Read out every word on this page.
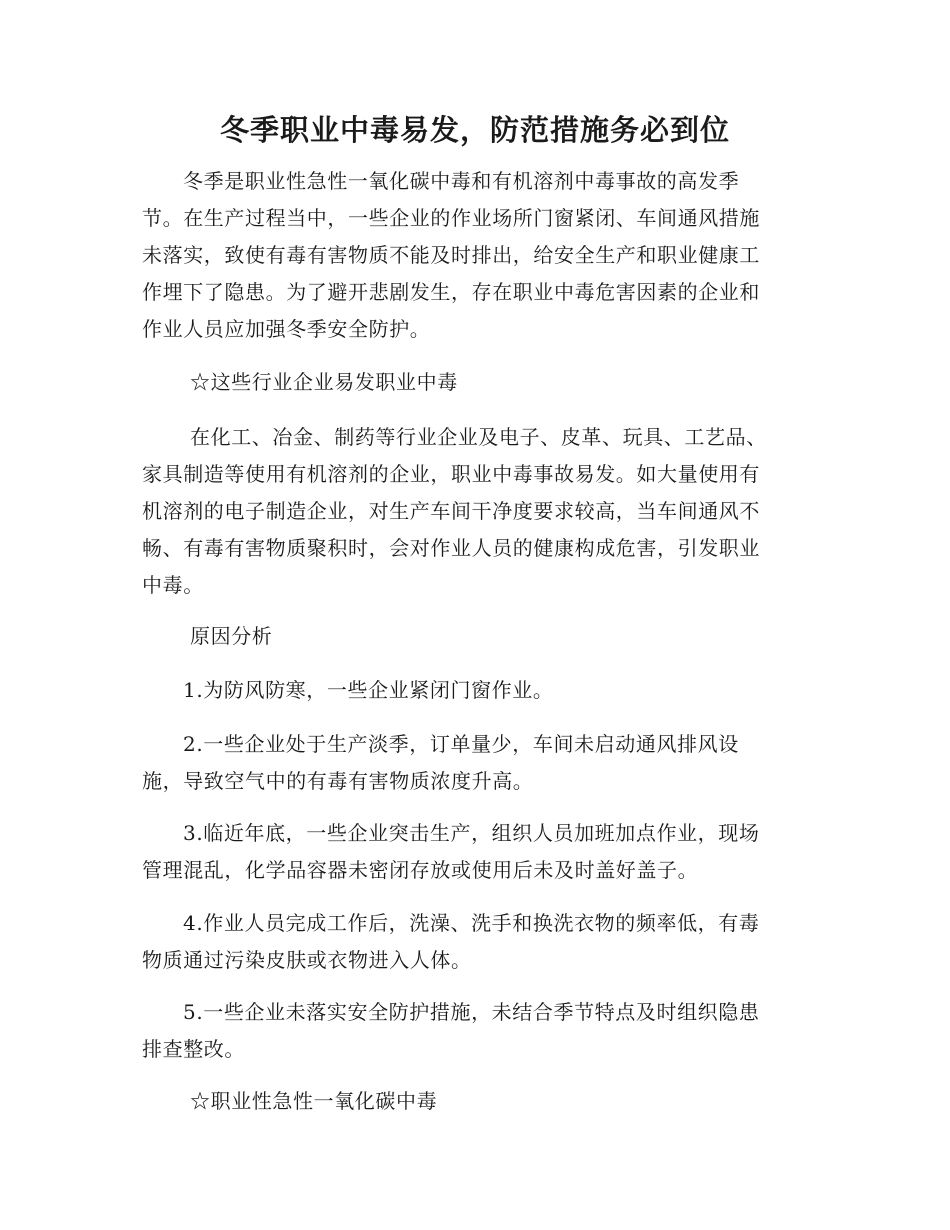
冬季职业中毒易发，防范措施务必到位

冬季是职业性急性一氧化碳中毒和有机溶剂中毒事故的高发季
节。在生产过程当中，一些企业的作业场所门窗紧闭、车间通风措施
未落实，致使有毒有害物质不能及时排出，给安全生产和职业健康工
作埋下了隐患。为了避开悲剧发生，存在职业中毒危害因素的企业和
作业人员应加强冬季安全防护。

☆这些行业企业易发职业中毒

在化工、冶金、制药等行业企业及电子、皮革、玩具、工艺品、
家具制造等使用有机溶剂的企业，职业中毒事故易发。如大量使用有
机溶剂的电子制造企业，对生产车间干净度要求较高，当车间通风不
畅、有毒有害物质聚积时，会对作业人员的健康构成危害，引发职业
中毒。

原因分析

1.为防风防寒，一些企业紧闭门窗作业。

2.一些企业处于生产淡季，订单量少，车间未启动通风排风设
施，导致空气中的有毒有害物质浓度升高。

3.临近年底，一些企业突击生产，组织人员加班加点作业，现场
管理混乱，化学品容器未密闭存放或使用后未及时盖好盖子。

4.作业人员完成工作后，洗澡、洗手和换洗衣物的频率低，有毒
物质通过污染皮肤或衣物进入人体。

5.一些企业未落实安全防护措施，未结合季节特点及时组织隐患
排查整改。

☆职业性急性一氧化碳中毒
